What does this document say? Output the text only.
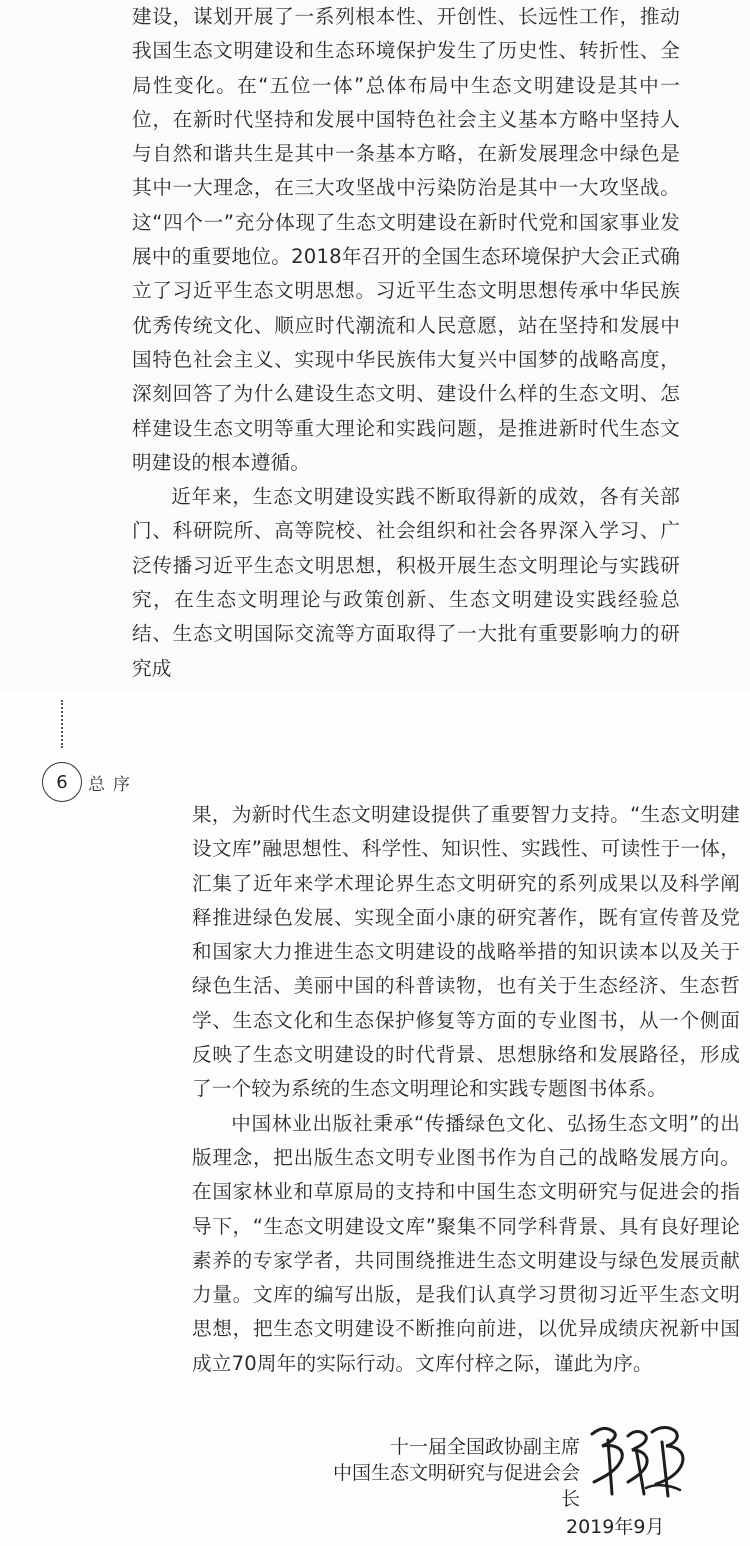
建设，谋划开展了一系列根本性、开创性、长远性工作，推动我国生态文明建设和生态环境保护发生了历史性、转折性、全局性变化。在“五位一体”总体布局中生态文明建设是其中一位，在新时代坚持和发展中国特色社会主义基本方略中坚持人与自然和谐共生是其中一条基本方略，在新发展理念中绿色是其中一大理念，在三大攻坚战中污染防治是其中一大攻坚战。这“四个一”充分体现了生态文明建设在新时代党和国家事业发展中的重要地位。2018年召开的全国生态环境保护大会正式确立了习近平生态文明思想。习近平生态文明思想传承中华民族优秀传统文化、顺应时代潮流和人民意愿，站在坚持和发展中国特色社会主义、实现中华民族伟大复兴中国梦的战略高度，深刻回答了为什么建设生态文明、建设什么样的生态文明、怎样建设生态文明等重大理论和实践问题，是推进新时代生态文明建设的根本遵循。

近年来，生态文明建设实践不断取得新的成效，各有关部门、科研院所、高等院校、社会组织和社会各界深入学习、广泛传播习近平生态文明思想，积极开展生态文明理论与实践研究，在生态文明理论与政策创新、生态文明建设实践经验总结、生态文明国际交流等方面取得了一大批有重要影响力的研究成

6 总序

果，为新时代生态文明建设提供了重要智力支持。“生态文明建设文库”融思想性、科学性、知识性、实践性、可读性于一体，汇集了近年来学术理论界生态文明研究的系列成果以及科学阐释推进绿色发展、实现全面小康的研究著作，既有宣传普及党和国家大力推进生态文明建设的战略举措的知识读本以及关于绿色生活、美丽中国的科普读物，也有关于生态经济、生态哲学、生态文化和生态保护修复等方面的专业图书，从一个侧面反映了生态文明建设的时代背景、思想脉络和发展路径，形成了一个较为系统的生态文明理论和实践专题图书体系。

中国林业出版社秉承“传播绿色文化、弘扬生态文明”的出版理念，把出版生态文明专业图书作为自己的战略发展方向。在国家林业和草原局的支持和中国生态文明研究与促进会的指导下，“生态文明建设文库”聚集不同学科背景、具有良好理论素养的专家学者，共同围绕推进生态文明建设与绿色发展贡献力量。文库的编写出版，是我们认真学习贯彻习近平生态文明思想，把生态文明建设不断推向前进，以优异成绩庆祝新中国成立70周年的实际行动。文库付梓之际，谨此为序。

十一届全国政协副主席
中国生态文明研究与促进会会长
2019年9月
